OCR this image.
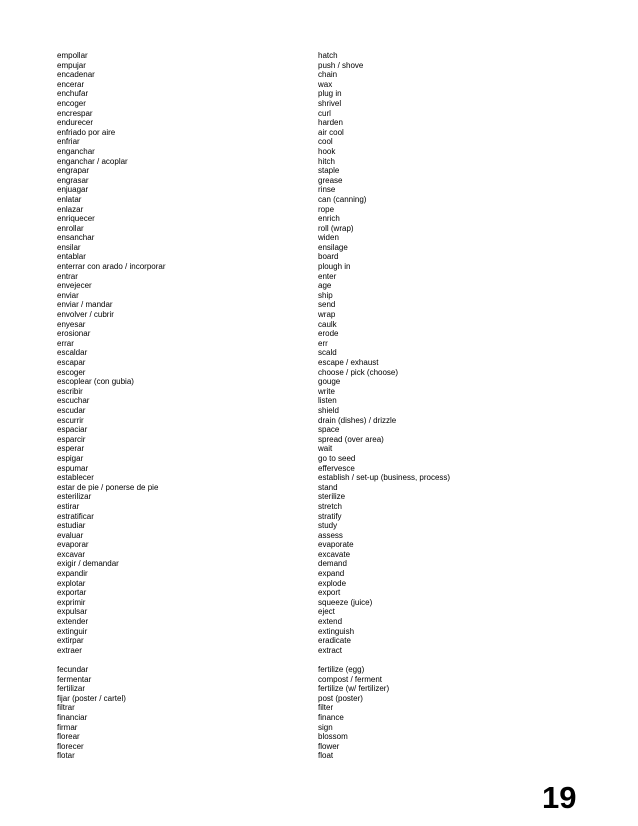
empollar
empujar
encadenar
encerar
enchufar
encoger
encrespar
endurecer
enfriado por aire
enfriar
enganchar
enganchar / acoplar
engrapar
engrasar
enjuagar
enlatar
enlazar
enriquecer
enrollar
ensanchar
ensilar
entablar
enterrar con arado / incorporar
entrar
envejecer
enviar
enviar / mandar
envolver / cubrir
enyesar
erosionar
errar
escaldar
escapar
escoger
escoplear (con gubia)
escribir
escuchar
escudar
escurrir
espaciar
esparcir
esperar
espigar
espumar
establecer
estar de pie / ponerse de pie
esterilizar
estirar
estratificar
estudiar
evaluar
evaporar
excavar
exigir / demandar
expandir
explotar
exportar
exprimir
expulsar
extender
extinguir
extirpar
extraer
fecundar
fermentar
fertilizar
fijar (poster / cartel)
filtrar
financiar
firmar
florear
florecer
flotar
hatch
push / shove
chain
wax
plug in
shrivel
curl
harden
air cool
cool
hook
hitch
staple
grease
rinse
can (canning)
rope
enrich
roll (wrap)
widen
ensilage
board
plough in
enter
age
ship
send
wrap
caulk
erode
err
scald
escape / exhaust
choose / pick (choose)
gouge
write
listen
shield
drain (dishes) / drizzle
space
spread (over area)
wait
go to seed
effervesce
establish / set-up (business, process)
stand
sterilize
stretch
stratify
study
assess
evaporate
excavate
demand
expand
explode
export
squeeze (juice)
eject
extend
extinguish
eradicate
extract
fertilize (egg)
compost / ferment
fertilize (w/ fertilizer)
post (poster)
filter
finance
sign
blossom
flower
float
19
